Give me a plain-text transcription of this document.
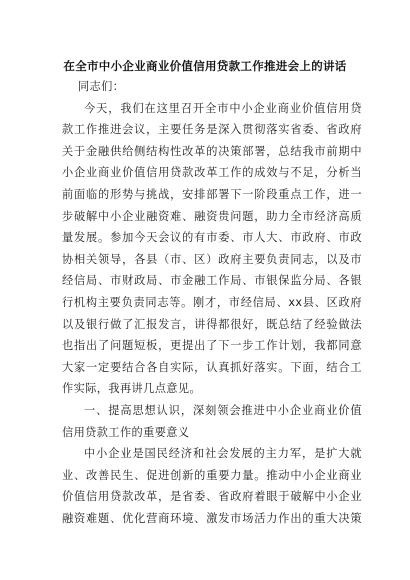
在全市中小企业商业价值信用贷款工作推进会上的讲话
同志们：
今天，我们在这里召开全市中小企业商业价值信用贷
款工作推进会议，主要任务是深入贯彻落实省委、省政府
关于金融供给侧结构性改革的决策部署，总结我市前期中
小企业商业价值信用贷款改革工作的成效与不足，分析当
前面临的形势与挑战，安排部署下一阶段重点工作，进一
步破解中小企业融资难、融资贵问题，助力全市经济高质
量发展。参加今天会议的有市委、市人大、市政府、市政
协相关领导，各县（市、区）政府主要负责同志，以及市
经信局、市财政局、市金融工作局、市银保监分局、各银
行机构主要负责同志等。刚才，市经信局、xx县、区政府
以及银行做了汇报发言，讲得都很好，既总结了经验做法
也指出了问题短板，更提出了下一步工作计划，我都同意
大家一定要结合各自实际，认真抓好落实。下面，结合工
作实际，我再讲几点意见。
一、提高思想认识，深刻领会推进中小企业商业价值
信用贷款工作的重要意义
中小企业是国民经济和社会发展的主力军，是扩大就
业、改善民生、促进创新的重要力量。推动中小企业商业
价值信用贷款改革，是省委、省政府着眼于破解中小企业
融资难题、优化营商环境、激发市场活力作出的重大决策
